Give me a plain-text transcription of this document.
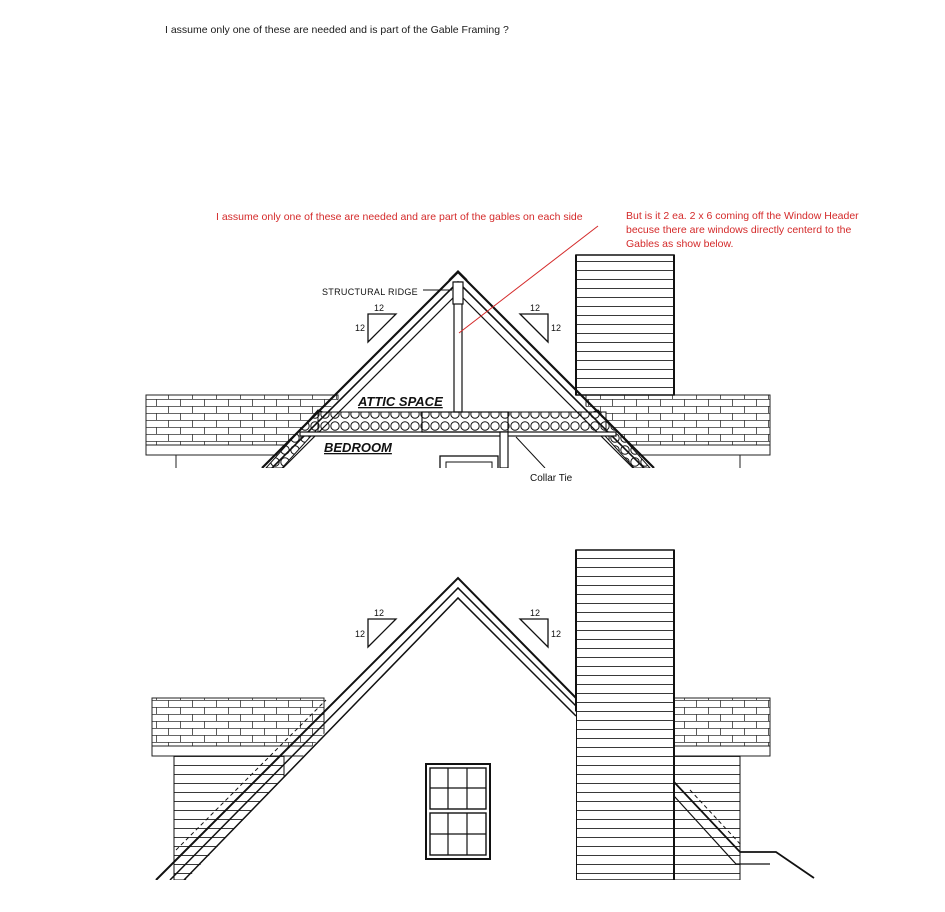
I assume only one of these are needed and is part of the Gable Framing ?
I assume only one of these are needed and are part of the gables on each side	But is it 2 ea. 2 x 6 coming off the Window Header
becuse there are windows directly centerd to the
Gables as show below.
STRUCTURAL RIDGE
ATTIC SPACE
BEDROOM
Collar Tie
12
12
12
12
12
12
12
12
